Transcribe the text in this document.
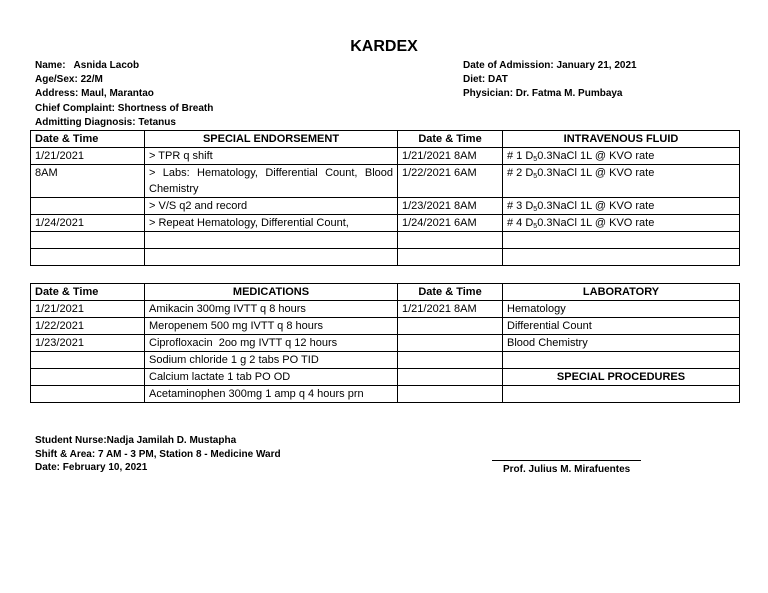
KARDEX
Name:   Asnida Lacob
Age/Sex: 22/M
Address: Maul, Marantao
Chief Complaint: Shortness of Breath
Admitting Diagnosis: Tetanus
Date of Admission: January 21, 2021
Diet: DAT
Physician: Dr. Fatma M. Pumbaya
Date & Time	SPECIAL ENDORSEMENT	Date & Time	INTRAVENOUS FLUID
1/21/2021	> TPR q shift	1/21/2021 8AM	# 1 $D_50.3NaCl$ 1L @ KVO rate
8AM	> Labs: Hematology, Differential Count, Blood Chemistry	1/22/2021 6AM	# 2 $D_50.3NaCl$ 1L @ KVO rate
	> V/S q2 and record	1/23/2021 8AM	# 3 $D_50.3NaCl$ 1L @ KVO rate
1/24/2021	> Repeat Hematology, Differential Count,	1/24/2021 6AM	# 4 $D_50.3NaCl$ 1L @ KVO rate

Date & Time	MEDICATIONS	Date & Time	LABORATORY
1/21/2021	Amikacin 300mg IVTT q 8 hours	1/21/2021 8AM	Hematology
1/22/2021	Meropenem 500 mg IVTT q 8 hours		Differential Count
1/23/2021	Ciprofloxacin  2oo mg IVTT q 12 hours		Blood Chemistry
	Sodium chloride 1 g 2 tabs PO TID		
	Calcium lactate 1 tab PO OD		SPECIAL PROCEDURES
	Acetaminophen 300mg 1 amp q 4 hours prn		
Student Nurse:Nadja Jamilah D. Mustapha
Shift & Area: 7 AM - 3 PM, Station 8 - Medicine Ward
Date: February 10, 2021	Prof. Julius M. Mirafuentes
